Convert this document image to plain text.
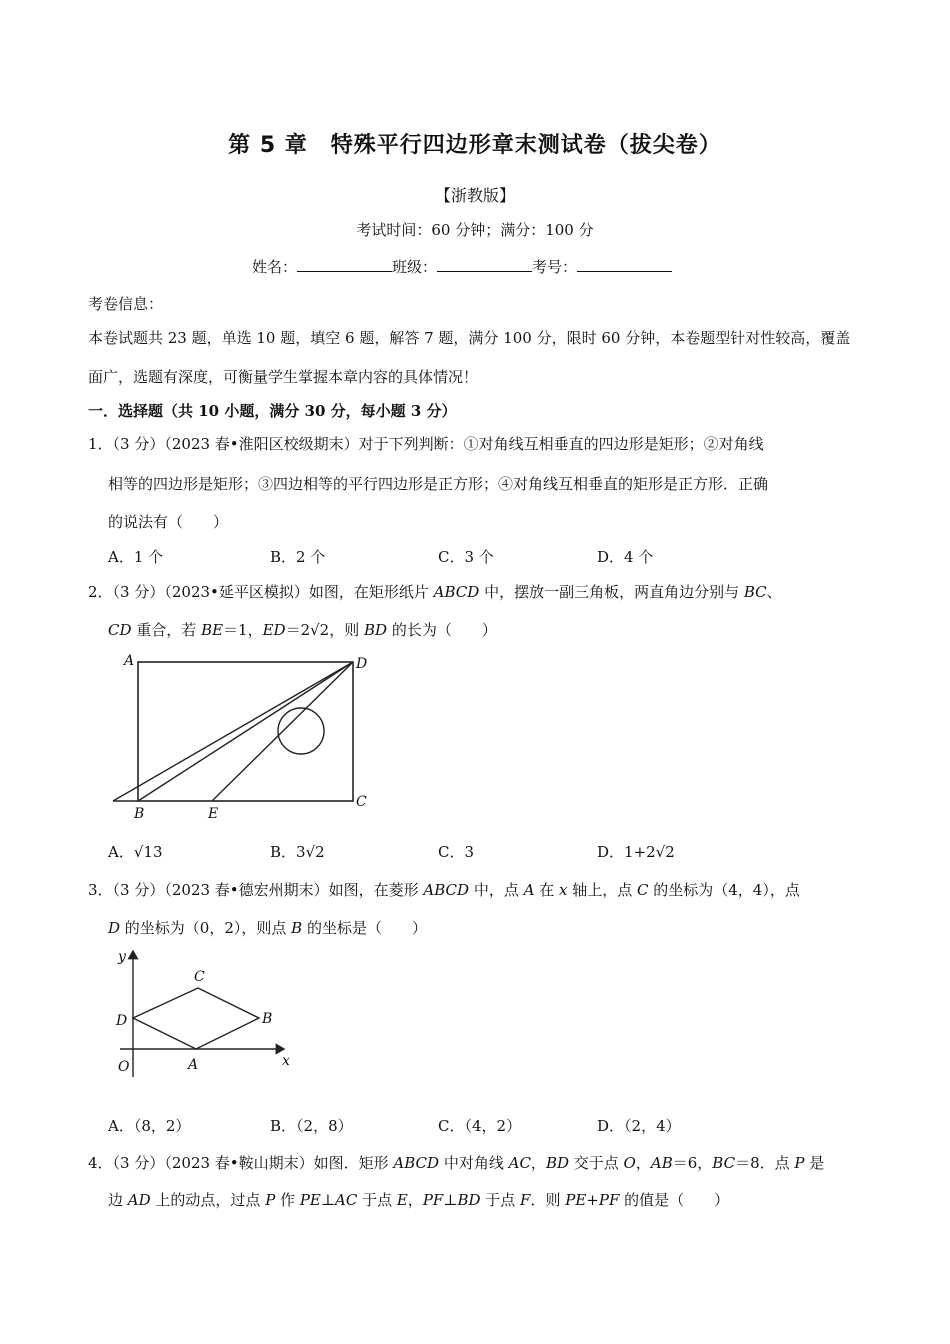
第 5 章　特殊平行四边形章末测试卷（拔尖卷）
【浙教版】
考试时间：60 分钟；满分：100 分
姓名：	班级：	考号：
考卷信息：
本卷试题共 23 题，单选 10 题，填空 6 题，解答 7 题，满分 100 分，限时 60 分钟，本卷题型针对性较高，覆盖
面广，选题有深度，可衡量学生掌握本章内容的具体情况！
一．选择题（共 10 小题，满分 30 分，每小题 3 分）
1．（3 分）（2023 春•淮阳区校级期末）对于下列判断：①对角线互相垂直的四边形是矩形；②对角线
相等的四边形是矩形；③四边相等的平行四边形是正方形；④对角线互相垂直的矩形是正方形．正确
的说法有（　　）
A．1 个	B．2 个	C．3 个	D．4 个
2．（3 分）（2023•延平区模拟）如图，在矩形纸片 ABCD 中，摆放一副三角板，两直角边分别与 BC、
CD 重合，若 BE＝1，ED＝2√2，则 BD 的长为（　　）
A	D
C
B	E
A．√13	B．3√2	C．3	D．1+2√2
3．（3 分）（2023 春•德宏州期末）如图，在菱形 ABCD 中，点 A 在 x 轴上，点 C 的坐标为（4，4），点
D 的坐标为（0，2），则点 B 的坐标是（　　）
y
x
O	A
B
C
D
A．（8，2）	B．（2，8）	C．（4，2）	D．（2，4）
4．（3 分）（2023 春•鞍山期末）如图．矩形 ABCD 中对角线 AC，BD 交于点 O，AB＝6，BC＝8．点 P 是
边 AD 上的动点，过点 P 作 PE⊥AC 于点 E，PF⊥BD 于点 F．则 PE+PF 的值是（　　）
